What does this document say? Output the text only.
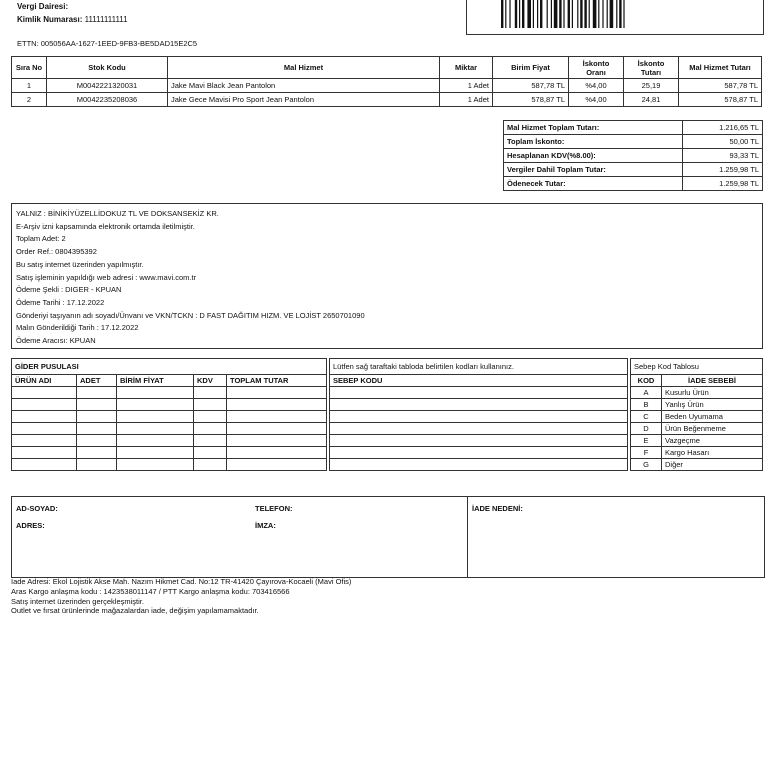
Vergi Dairesi:
Kimlik Numarası: 11111111111
ETTN: 005056AA-1627-1EED-9FB3-BE5DAD15E2C5
Sıra No	Stok Kodu	Mal Hizmet	Miktar	Birim Fiyat	İskonto Oranı	İskonto Tutarı	Mal Hizmet Tutarı
1	M0042221320031	Jake Mavi Black Jean Pantolon	1 Adet	587,78 TL	%4,00	25,19	587,78 TL
2	M0042235208036	Jake Gece Mavisi Pro Sport Jean Pantolon	1 Adet	578,87 TL	%4,00	24,81	578,87 TL
Mal Hizmet Toplam Tutarı:	1.216,65 TL
Toplam İskonto:	50,00 TL
Hesaplanan KDV(%8.00):	93,33 TL
Vergiler Dahil Toplam Tutar:	1.259,98 TL
Ödenecek Tutar:	1.259,98 TL
YALNIZ : BİNİKİYÜZELLİDOKUZ TL VE DOKSANSEKİZ KR.
E-Arşiv izni kapsamında elektronik ortamda iletilmiştir.
Toplam Adet: 2
Order Ref.: 0804395392
Bu satış internet üzerinden yapılmıştır.
Satış işleminin yapıldığı web adresi : www.mavi.com.tr
Ödeme Şekli : DIGER - KPUAN
Ödeme Tarihi : 17.12.2022
Gönderiyi taşıyanın adı soyadı/Ünvanı ve VKN/TCKN : D FAST DAĞITIM HIZM. VE LOJİST 2650701090
Malın Gönderildiği Tarih : 17.12.2022
Ödeme Aracısı: KPUAN
GİDER PUSULASI				
ÜRÜN ADI	ADET	BİRİM FİYAT	KDV	TOPLAM TUTAR

Lütfen sağ taraftaki tabloda belirtilen kodları kullanınız.
SEBEP KODU

Sebep Kod Tablosu	
KOD	İADE SEBEBİ
A	Kusurlu Ürün
B	Yanlış Ürün
C	Beden Uyumama
D	Ürün Beğenmeme
E	Vazgeçme
F	Kargo Hasarı
G	Diğer
AD-SOYAD:	TELEFON:
ADRES:	İMZA:
İADE NEDENİ:
İade Adresi: Ekol Lojistik Akse Mah. Nazım Hikmet Cad. No:12 TR-41420 Çayırova-Kocaeli (Mavi Ofis)
Aras Kargo anlaşma kodu : 1423538011147 / PTT Kargo anlaşma kodu: 703416566
Satış internet üzerinden gerçekleşmiştir.
Outlet ve fırsat ürünlerinde mağazalardan iade, değişim yapılamamaktadır.
